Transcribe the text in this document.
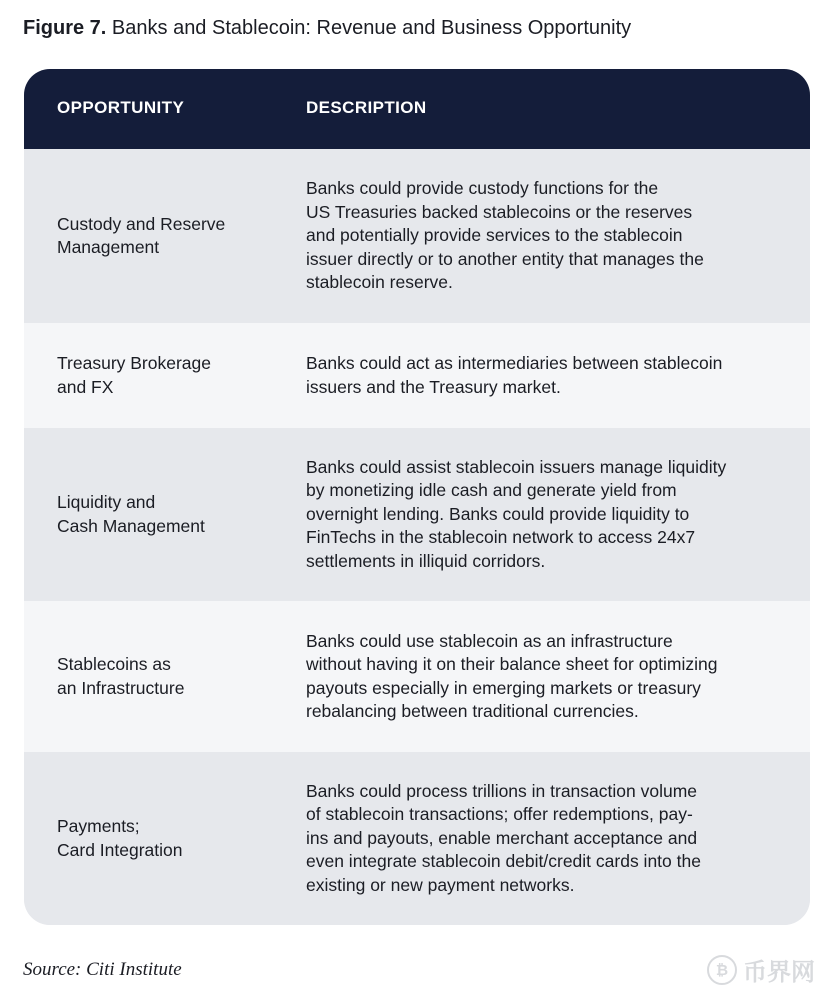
Figure 7. Banks and Stablecoin: Revenue and Business Opportunity
OPPORTUNITY	DESCRIPTION
Custody and Reserve
Management
Banks could provide custody functions for the
US Treasuries backed stablecoins or the reserves
and potentially provide services to the stablecoin
issuer directly or to another entity that manages the
stablecoin reserve.
Treasury Brokerage
and FX
Banks could act as intermediaries between stablecoin
issuers and the Treasury market.
Liquidity and
Cash Management
Banks could assist stablecoin issuers manage liquidity
by monetizing idle cash and generate yield from
overnight lending. Banks could provide liquidity to
FinTechs in the stablecoin network to access 24x7
settlements in illiquid corridors.
Stablecoins as
an Infrastructure
Banks could use stablecoin as an infrastructure
without having it on their balance sheet for optimizing
payouts especially in emerging markets or treasury
rebalancing between traditional currencies.
Payments;
Card Integration
Banks could process trillions in transaction volume
of stablecoin transactions; offer redemptions, pay-
ins and payouts, enable merchant acceptance and
even integrate stablecoin debit/credit cards into the
existing or new payment networks.
Source: Citi Institute	₿ 币界网
